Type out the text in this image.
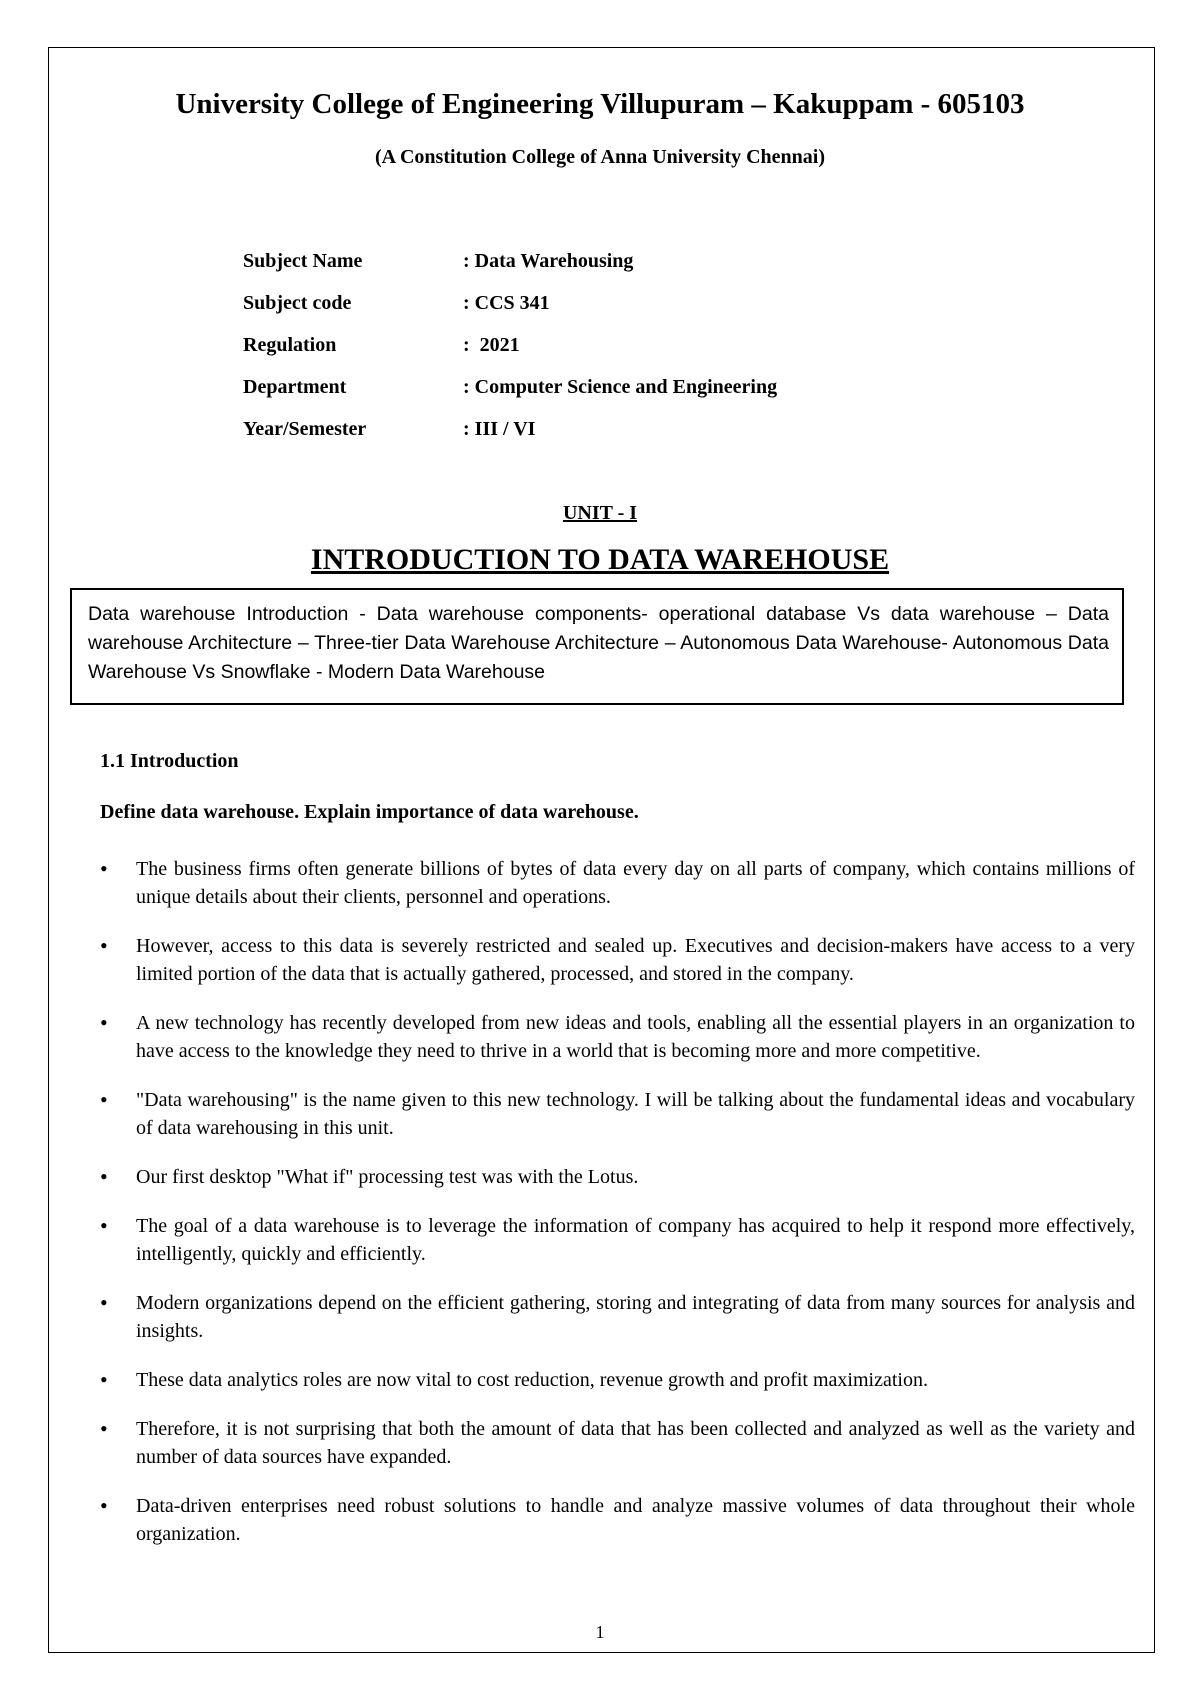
University College of Engineering Villupuram – Kakuppam - 605103
(A Constitution College of Anna University Chennai)
Subject Name	: Data Warehousing
Subject code	: CCS 341
Regulation	:  2021
Department	: Computer Science and Engineering
Year/Semester	: III / VI
UNIT - I
INTRODUCTION TO DATA WAREHOUSE
Data warehouse Introduction - Data warehouse components- operational database Vs data warehouse – Data warehouse Architecture – Three-tier Data Warehouse Architecture – Autonomous Data Warehouse- Autonomous Data Warehouse Vs Snowflake - Modern Data Warehouse
1.1 Introduction
Define data warehouse. Explain importance of data warehouse.
•	The business firms often generate billions of bytes of data every day on all parts of company, which contains millions of unique details about their clients, personnel and operations.
•	However, access to this data is severely restricted and sealed up. Executives and decision-makers have access to a very limited portion of the data that is actually gathered, processed, and stored in the company.
•	A new technology has recently developed from new ideas and tools, enabling all the essential players in an organization to have access to the knowledge they need to thrive in a world that is becoming more and more competitive.
•	"Data warehousing" is the name given to this new technology. I will be talking about the fundamental ideas and vocabulary of data warehousing in this unit.
•	Our first desktop "What if" processing test was with the Lotus.
•	The goal of a data warehouse is to leverage the information of company has acquired to help it respond more effectively, intelligently, quickly and efficiently.
•	Modern organizations depend on the efficient gathering, storing and integrating of data from many sources for analysis and insights.
•	These data analytics roles are now vital to cost reduction, revenue growth and profit maximization.
•	Therefore, it is not surprising that both the amount of data that has been collected and analyzed as well as the variety and number of data sources have expanded.
•	Data-driven enterprises need robust solutions to handle and analyze massive volumes of data throughout their whole organization.
1
